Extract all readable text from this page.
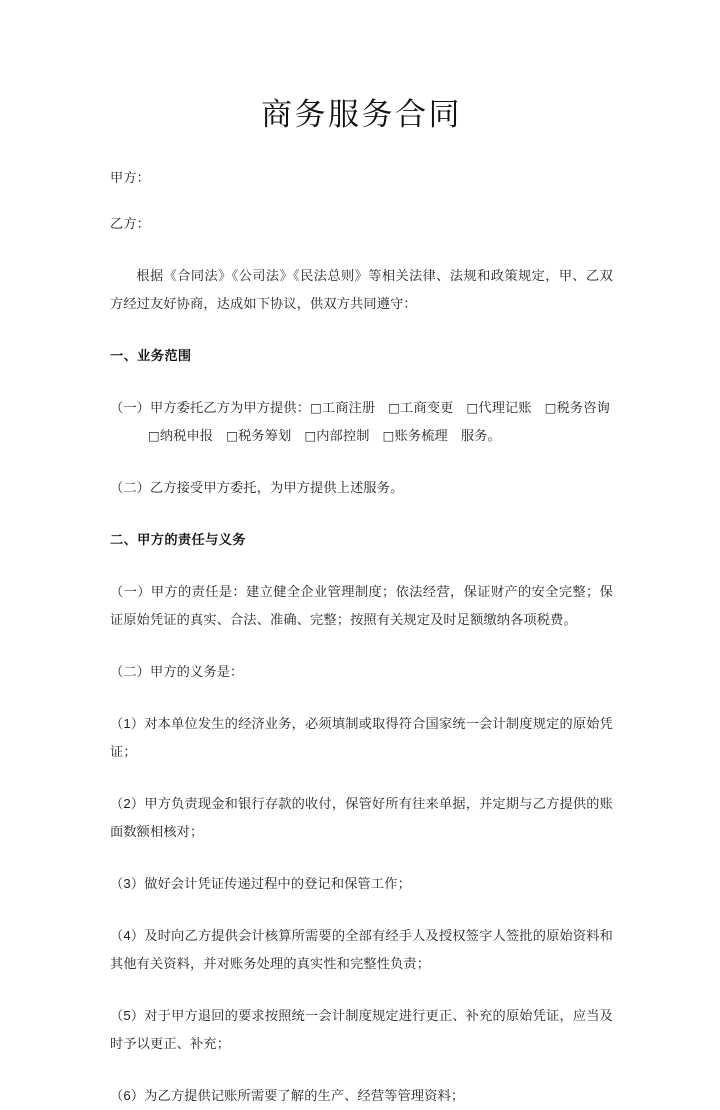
商务服务合同

甲方：

乙方：

根据《合同法》《公司法》《民法总则》等相关法律、法规和政策规定，甲、乙双方经过友好协商，达成如下协议，供双方共同遵守：

一、业务范围

（一）甲方委托乙方为甲方提供：□工商注册 □工商变更 □代理记账 □税务咨询

□纳税申报 □税务筹划 □内部控制 □账务梳理 服务。

（二）乙方接受甲方委托，为甲方提供上述服务。

二、甲方的责任与义务

（一）甲方的责任是：建立健全企业管理制度；依法经营，保证财产的安全完整；保证原始凭证的真实、合法、准确、完整；按照有关规定及时足额缴纳各项税费。

（二）甲方的义务是：

（1）对本单位发生的经济业务，必须填制或取得符合国家统一会计制度规定的原始凭证；

（2）甲方负责现金和银行存款的收付，保管好所有往来单据，并定期与乙方提供的账面数额相核对；

（3）做好会计凭证传递过程中的登记和保管工作；

（4）及时向乙方提供会计核算所需要的全部有经手人及授权签字人签批的原始资料和其他有关资料，并对账务处理的真实性和完整性负责；

（5）对于甲方退回的要求按照统一会计制度规定进行更正、补充的原始凭证，应当及时予以更正、补充；

（6）为乙方提供记账所需要了解的生产、经营等管理资料；
